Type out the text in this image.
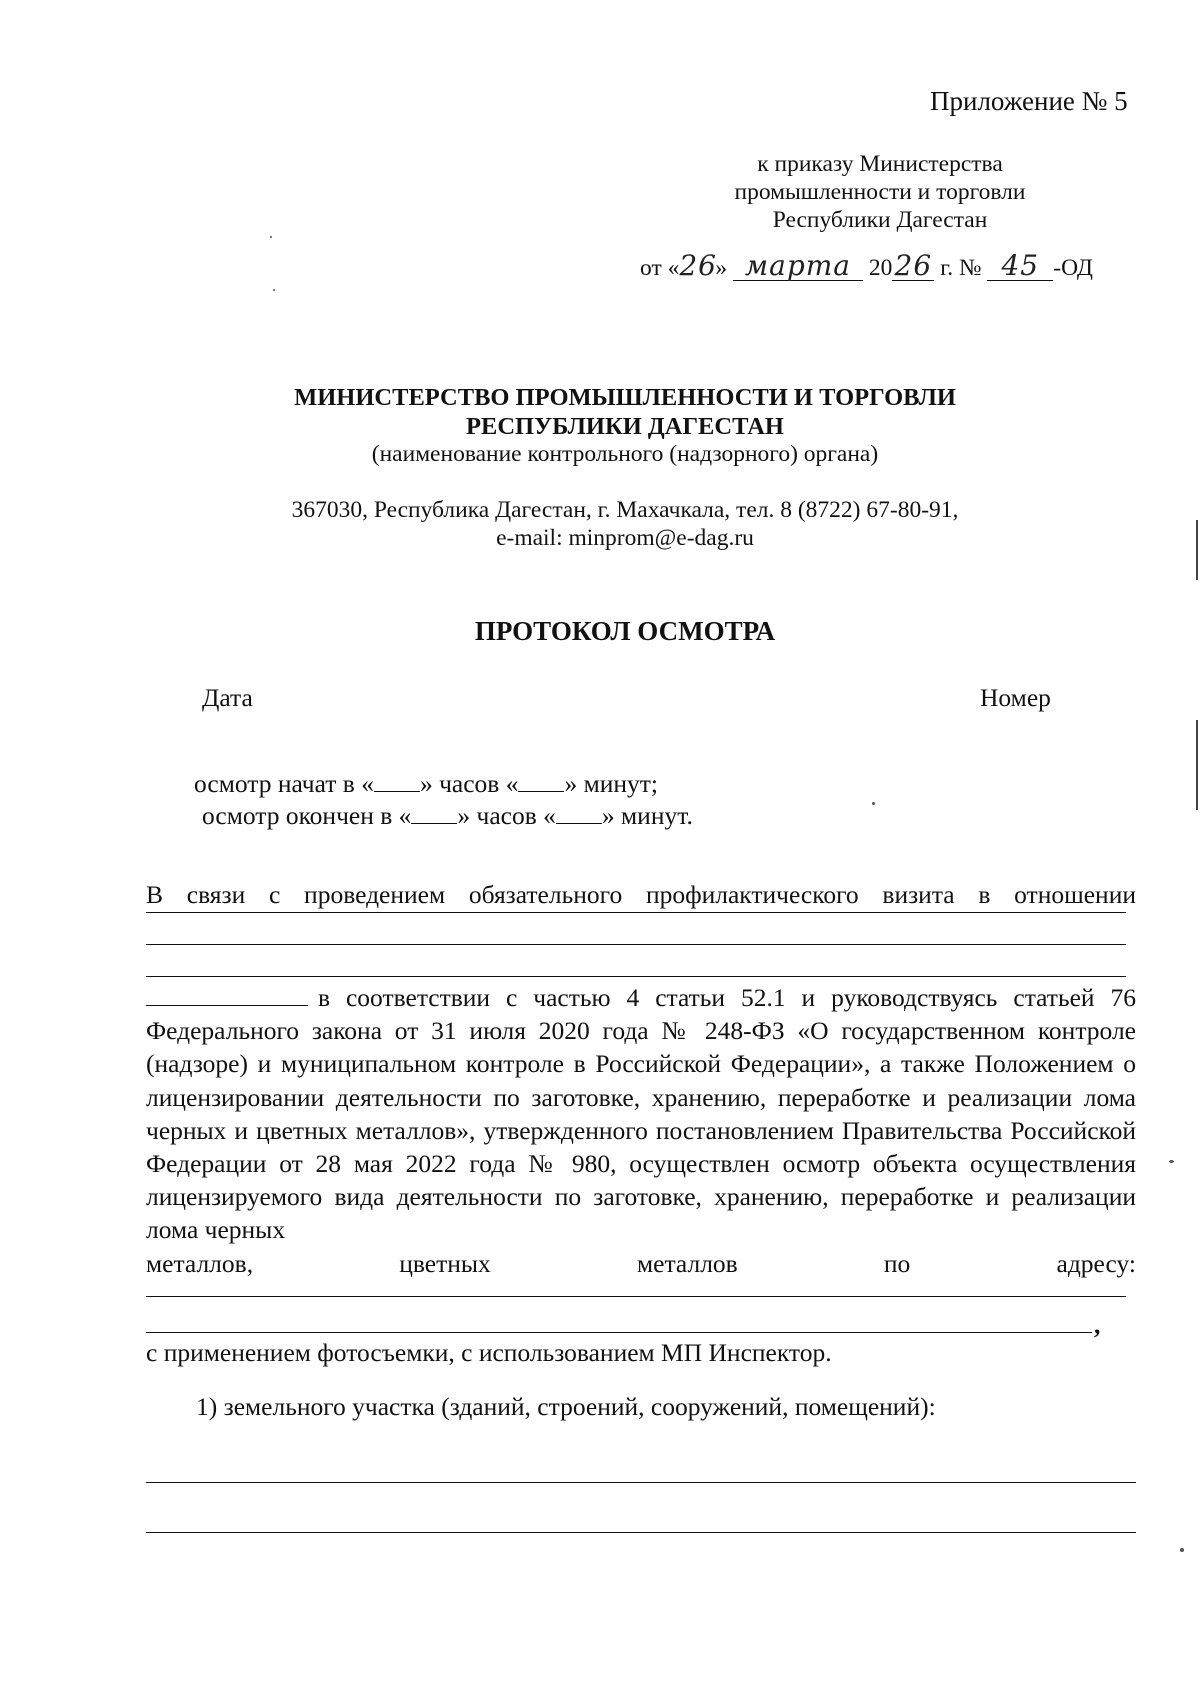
Приложение № 5
к приказу Министерства
промышленности и торговли
Республики Дагестан
от «26» марта 2026 г. № 45 -ОД
МИНИСТЕРСТВО ПРОМЫШЛЕННОСТИ И ТОРГОВЛИ
РЕСПУБЛИКИ ДАГЕСТАН
(наименование контрольного (надзорного) органа)
367030, Республика Дагестан, г. Махачкала, тел. 8 (8722) 67-80-91,
e-mail: minprom@e-dag.ru
ПРОТОКОЛ ОСМОТРА
Дата	Номер
осмотр начат в « » часов « » минут;
осмотр окончен в « » часов « » минут.
В связи с проведением обязательного профилактического визита в отношении
в соответствии с частью 4 статьи 52.1 и руководствуясь статьей 76 Федерального закона от 31 июля 2020 года № 248-ФЗ «О государственном контроле (надзоре) и муниципальном контроле в Российской Федерации», а также Положением о лицензировании деятельности по заготовке, хранению, переработке и реализации лома черных и цветных металлов», утвержденного постановлением Правительства Российской Федерации от 28 мая 2022 года № 980, осуществлен осмотр объекта осуществления лицензируемого вида деятельности по заготовке, хранению, переработке и реализации лома черных
металлов, цветных металлов по адресу:
,
с применением фотосъемки, с использованием МП Инспектор.
1) земельного участка (зданий, строений, сооружений, помещений):
